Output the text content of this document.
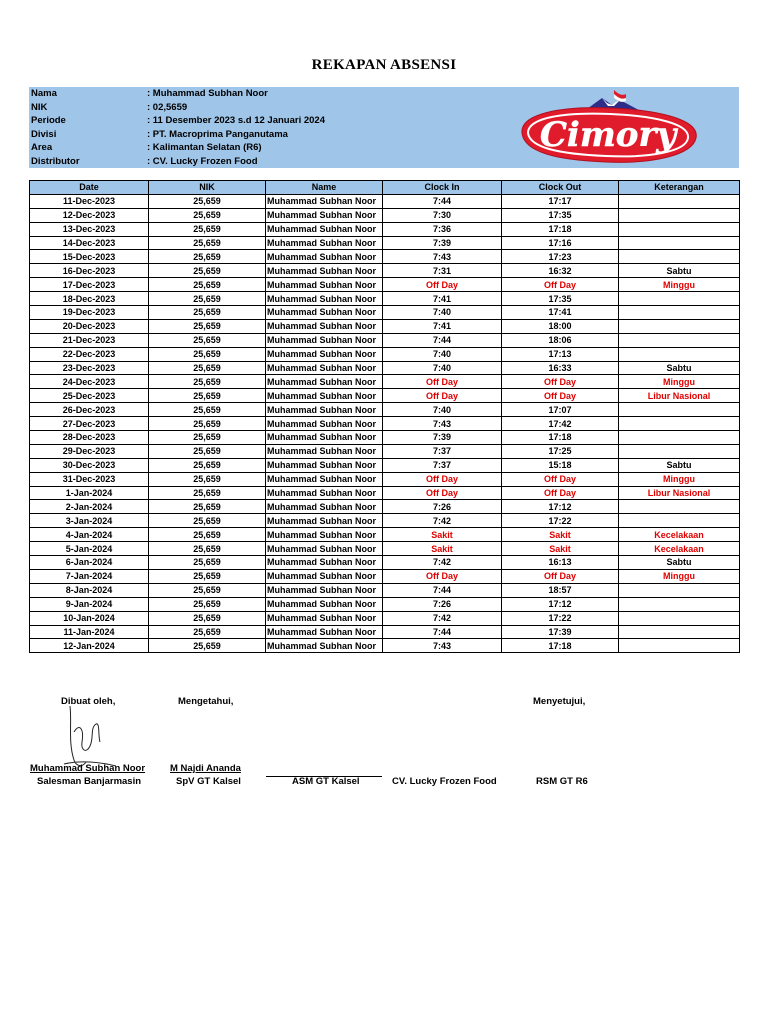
REKAPAN ABSENSI
Nama	: Muhammad Subhan Noor
NIK	: 02,5659
Periode	: 11 Desember 2023 s.d 12 Januari 2024
Divisi	: PT. Macroprima Panganutama
Area	: Kalimantan Selatan (R6)
Distributor	: CV. Lucky Frozen Food
Cimory
Date	NIK	Name	Clock In	Clock Out	Keterangan
11-Dec-2023	25,659	Muhammad Subhan Noor	7:44	17:17	
12-Dec-2023	25,659	Muhammad Subhan Noor	7:30	17:35	
13-Dec-2023	25,659	Muhammad Subhan Noor	7:36	17:18	
14-Dec-2023	25,659	Muhammad Subhan Noor	7:39	17:16	
15-Dec-2023	25,659	Muhammad Subhan Noor	7:43	17:23	
16-Dec-2023	25,659	Muhammad Subhan Noor	7:31	16:32	Sabtu
17-Dec-2023	25,659	Muhammad Subhan Noor	Off Day	Off Day	Minggu
18-Dec-2023	25,659	Muhammad Subhan Noor	7:41	17:35	
19-Dec-2023	25,659	Muhammad Subhan Noor	7:40	17:41	
20-Dec-2023	25,659	Muhammad Subhan Noor	7:41	18:00	
21-Dec-2023	25,659	Muhammad Subhan Noor	7:44	18:06	
22-Dec-2023	25,659	Muhammad Subhan Noor	7:40	17:13	
23-Dec-2023	25,659	Muhammad Subhan Noor	7:40	16:33	Sabtu
24-Dec-2023	25,659	Muhammad Subhan Noor	Off Day	Off Day	Minggu
25-Dec-2023	25,659	Muhammad Subhan Noor	Off Day	Off Day	Libur Nasional
26-Dec-2023	25,659	Muhammad Subhan Noor	7:40	17:07	
27-Dec-2023	25,659	Muhammad Subhan Noor	7:43	17:42	
28-Dec-2023	25,659	Muhammad Subhan Noor	7:39	17:18	
29-Dec-2023	25,659	Muhammad Subhan Noor	7:37	17:25	
30-Dec-2023	25,659	Muhammad Subhan Noor	7:37	15:18	Sabtu
31-Dec-2023	25,659	Muhammad Subhan Noor	Off Day	Off Day	Minggu
1-Jan-2024	25,659	Muhammad Subhan Noor	Off Day	Off Day	Libur Nasional
2-Jan-2024	25,659	Muhammad Subhan Noor	7:26	17:12	
3-Jan-2024	25,659	Muhammad Subhan Noor	7:42	17:22	
4-Jan-2024	25,659	Muhammad Subhan Noor	Sakit	Sakit	Kecelakaan
5-Jan-2024	25,659	Muhammad Subhan Noor	Sakit	Sakit	Kecelakaan
6-Jan-2024	25,659	Muhammad Subhan Noor	7:42	16:13	Sabtu
7-Jan-2024	25,659	Muhammad Subhan Noor	Off Day	Off Day	Minggu
8-Jan-2024	25,659	Muhammad Subhan Noor	7:44	18:57	
9-Jan-2024	25,659	Muhammad Subhan Noor	7:26	17:12	
10-Jan-2024	25,659	Muhammad Subhan Noor	7:42	17:22	
11-Jan-2024	25,659	Muhammad Subhan Noor	7:44	17:39	
12-Jan-2024	25,659	Muhammad Subhan Noor	7:43	17:18	
Dibuat oleh,	Mengetahui,	Menyetujui,
Muhammad Subhan Noor	M Najdi Ananda
Salesman Banjarmasin	SpV GT Kalsel	ASM GT Kalsel	CV. Lucky Frozen Food	RSM GT R6
